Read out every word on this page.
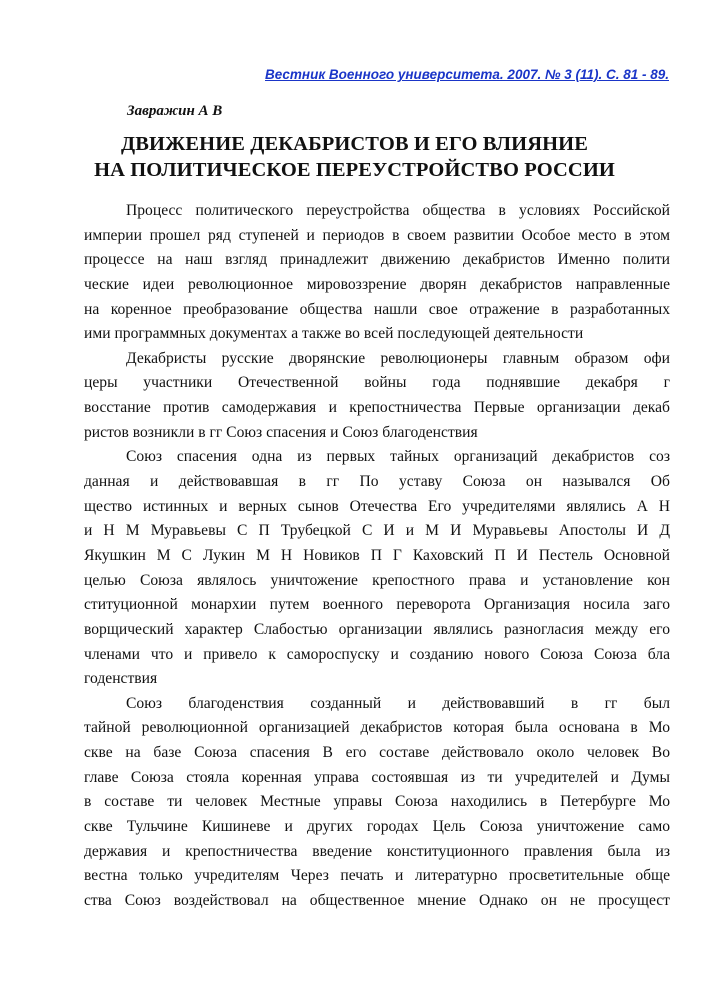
Вестник Военного университета. 2007. № 3 (11). С. 81 - 89.
Завражин А В
ДВИЖЕНИЕ ДЕКАБРИСТОВ И ЕГО ВЛИЯНИЕ
НА ПОЛИТИЧЕСКОЕ ПЕРЕУСТРОЙСТВО РОССИИ
Процесс политического переустройства общества в условиях Российской
империи прошел ряд ступеней и периодов в своем развитии Особое место в этом
процессе на наш взгляд принадлежит движению декабристов Именно полити
ческие идеи революционное мировоззрение дворян декабристов направленные
на коренное преобразование общества нашли свое отражение в разработанных
ими программных документах а также во всей последующей деятельности
Декабристы русские дворянские революционеры главным образом офи
церы участники Отечественной войны года поднявшие декабря г
восстание против самодержавия и крепостничества Первые организации декаб
ристов возникли в гг Союз спасения и Союз благоденствия
Союз спасения одна из первых тайных организаций декабристов соз
данная и действовавшая в гг По уставу Союза он назывался Об
щество истинных и верных сынов Отечества Его учредителями являлись А Н
и Н М Муравьевы С П Трубецкой С И и М И Муравьевы Апостолы И Д
Якушкин М С Лукин М Н Новиков П Г Каховский П И Пестель Основной
целью Союза являлось уничтожение крепостного права и установление кон
ституционной монархии путем военного переворота Организация носила заго
ворщический характер Слабостью организации являлись разногласия между его
членами что и привело к самороспуску и созданию нового Союза Союза бла
годенствия
Союз благоденствия созданный и действовавший в гг был
тайной революционной организацией декабристов которая была основана в Мо
скве на базе Союза спасения В его составе действовало около человек Во
главе Союза стояла коренная управа состоявшая из ти учредителей и Думы
в составе ти человек Местные управы Союза находились в Петербурге Мо
скве Тульчине Кишиневе и других городах Цель Союза уничтожение само
державия и крепостничества введение конституционного правления была из
вестна только учредителям Через печать и литературно просветительные обще
ства Союз воздействовал на общественное мнение Однако он не просущест
